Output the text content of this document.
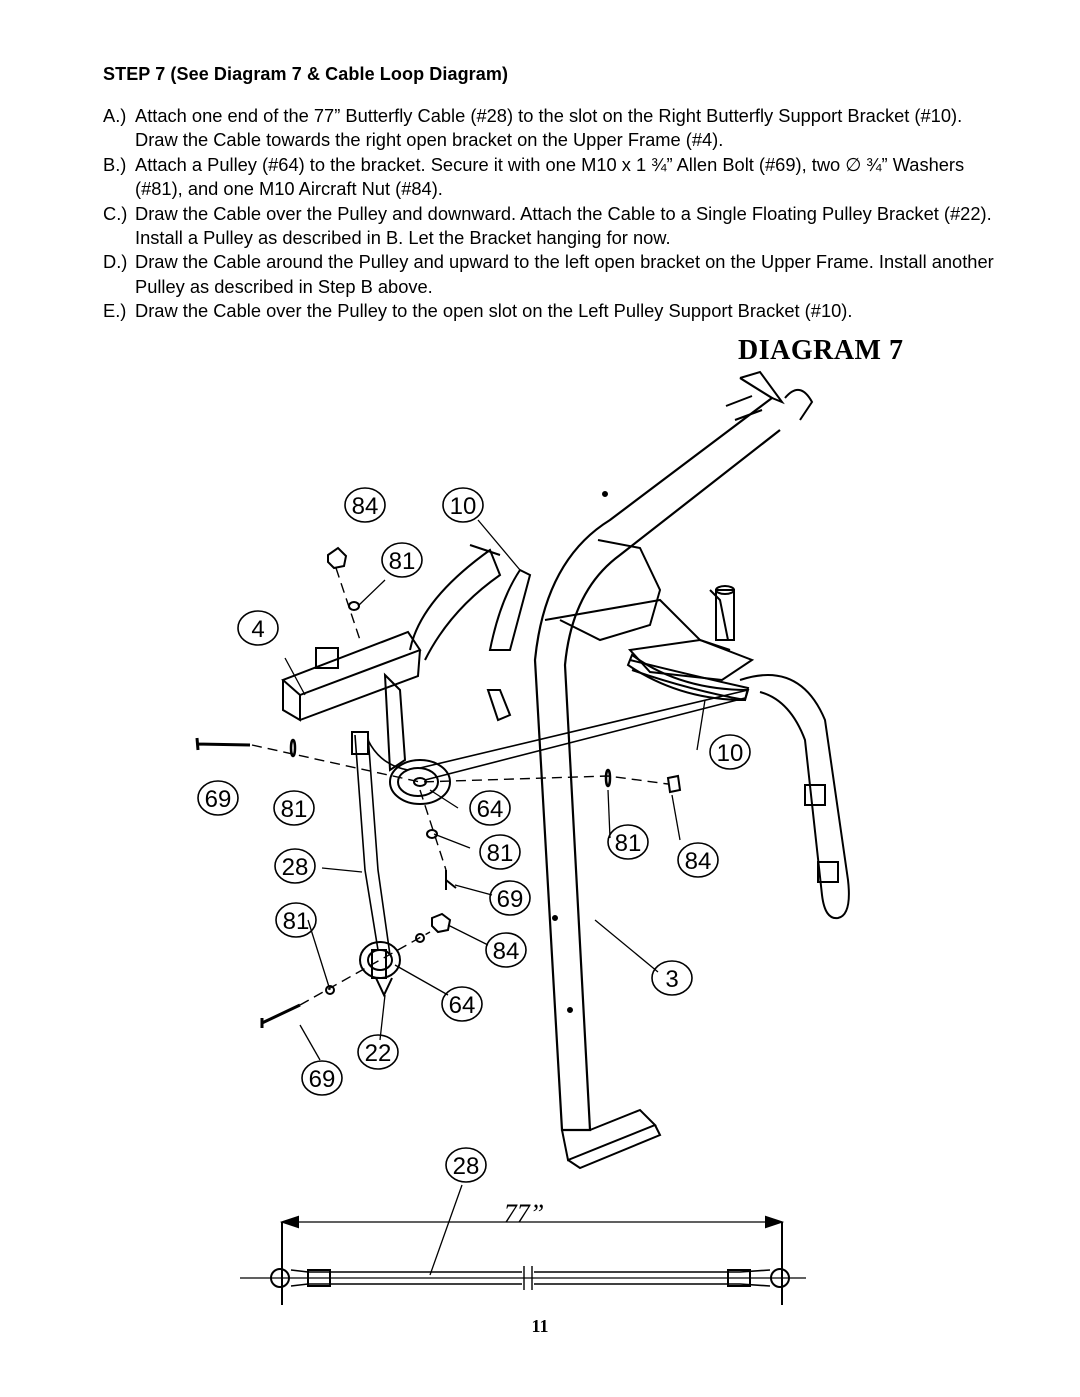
STEP 7 (See Diagram 7 & Cable Loop Diagram)
A.) Attach one end of the 77” Butterfly Cable (#28) to the slot on the Right Butterfly Support Bracket (#10). Draw the Cable towards the right open bracket on the Upper Frame (#4).
B.) Attach a Pulley (#64) to the bracket. Secure it with one M10 x 1 ¾” Allen Bolt (#69), two ∅ ¾” Washers (#81), and one M10 Aircraft Nut (#84).
C.) Draw the Cable over the Pulley and downward. Attach the Cable to a Single Floating Pulley Bracket (#22). Install a Pulley as described in B. Let the Bracket hanging for now.
D.) Draw the Cable around the Pulley and upward to the left open bracket on the Upper Frame. Install another Pulley as described in Step B above.
E.) Draw the Cable over the Pulley to the open slot on the Left Pulley Support Bracket (#10).
DIAGRAM 7
84	10
81
4
10
69 81	64
81	84
81
28
69
81
84
3
64
22
69
28
77”
11
